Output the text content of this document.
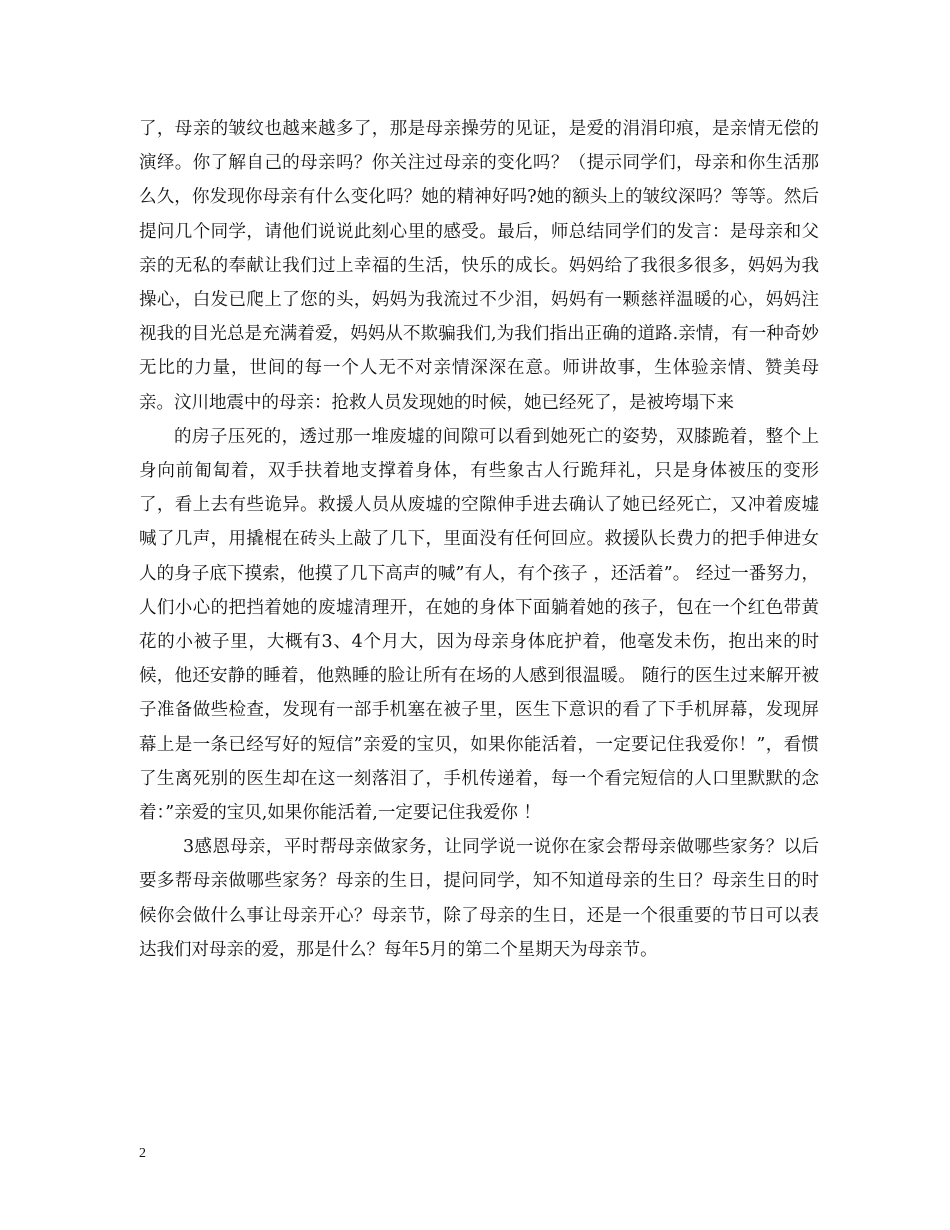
了，母亲的皱纹也越来越多了，那是母亲操劳的见证，是爱的涓涓印痕，是亲情无偿的演绎。你了解自己的母亲吗？你关注过母亲的变化吗？（提示同学们，母亲和你生活那么久，你发现你母亲有什么变化吗？她的精神好吗?她的额头上的皱纹深吗？等等。然后提问几个同学，请他们说说此刻心里的感受。最后，师总结同学们的发言：是母亲和父亲的无私的奉献让我们过上幸福的生活，快乐的成长。妈妈给了我很多很多，妈妈为我操心，白发已爬上了您的头，妈妈为我流过不少泪，妈妈有一颗慈祥温暖的心，妈妈注视我的目光总是充满着爱，妈妈从不欺骗我们,为我们指出正确的道路.亲情，有一种奇妙无比的力量，世间的每一个人无不对亲情深深在意。师讲故事，生体验亲情、赞美母亲。汶川地震中的母亲：抢救人员发现她的时候，她已经死了，是被垮塌下来

的房子压死的，透过那一堆废墟的间隙可以看到她死亡的姿势，双膝跪着，整个上身向前匍匐着，双手扶着地支撑着身体，有些象古人行跪拜礼，只是身体被压的变形了，看上去有些诡异。救援人员从废墟的空隙伸手进去确认了她已经死亡，又冲着废墟喊了几声，用撬棍在砖头上敲了几下，里面没有任何回应。救援队长费力的把手伸进女人的身子底下摸索，他摸了几下高声的喊”有人，有个孩子 ，还活着”。 经过一番努力，人们小心的把挡着她的废墟清理开，在她的身体下面躺着她的孩子，包在一个红色带黄花的小被子里，大概有3、4个月大，因为母亲身体庇护着，他毫发未伤，抱出来的时候，他还安静的睡着，他熟睡的脸让所有在场的人感到很温暖。 随行的医生过来解开被子准备做些检查，发现有一部手机塞在被子里，医生下意识的看了下手机屏幕，发现屏幕上是一条已经写好的短信”亲爱的宝贝，如果你能活着，一定要记住我爱你！”，看惯了生离死别的医生却在这一刻落泪了，手机传递着，每一个看完短信的人口里默默的念着：”亲爱的宝贝,如果你能活着,一定要记住我爱你 ！

3感恩母亲，平时帮母亲做家务，让同学说一说你在家会帮母亲做哪些家务？以后要多帮母亲做哪些家务？母亲的生日，提问同学，知不知道母亲的生日？母亲生日的时候你会做什么事让母亲开心？母亲节，除了母亲的生日，还是一个很重要的节日可以表达我们对母亲的爱，那是什么？每年5月的第二个星期天为母亲节。

2
